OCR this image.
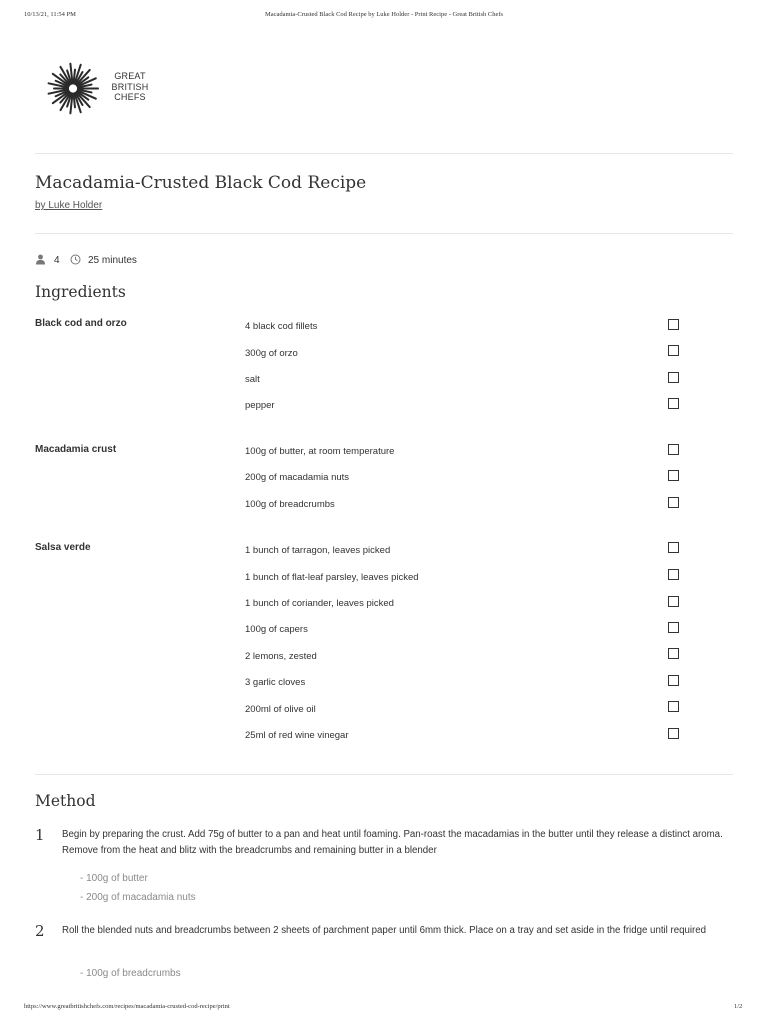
10/13/21, 11:54 PM	Macadamia-Crusted Black Cod Recipe by Luke Holder - Print Recipe - Great British Chefs
GREAT
BRITISH
CHEFS
Macadamia-Crusted Black Cod Recipe
by Luke Holder
4	25 minutes
Ingredients
Black cod and orzo	4 black cod fillets
300g of orzo
salt
pepper
Macadamia crust	100g of butter, at room temperature
200g of macadamia nuts
100g of breadcrumbs
Salsa verde	1 bunch of tarragon, leaves picked
1 bunch of flat-leaf parsley, leaves picked
1 bunch of coriander, leaves picked
100g of capers
2 lemons, zested
3 garlic cloves
200ml of olive oil
25ml of red wine vinegar
Method
1 Begin by preparing the crust. Add 75g of butter to a pan and heat until foaming. Pan-roast the macadamias in the butter until they release a distinct aroma. Remove from the heat and blitz with the breadcrumbs and remaining butter in a blender
- 100g of butter
- 200g of macadamia nuts
2 Roll the blended nuts and breadcrumbs between 2 sheets of parchment paper until 6mm thick. Place on a tray and set aside in the fridge until required
- 100g of breadcrumbs
https://www.greatbritishchefs.com/recipes/macadamia-crusted-cod-recipe/print	1/2
